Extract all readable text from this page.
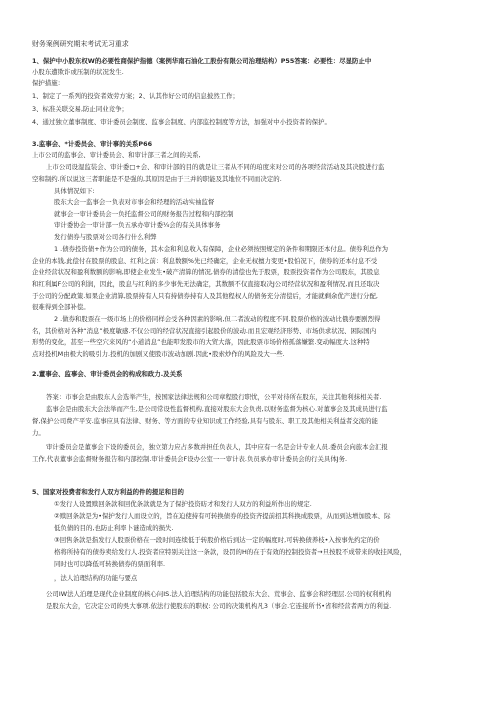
财务案例研究期末考试无习重求
1、保护中小股东权W的必要性商保护指德（案例华南石油化工股份有限公司治理结构）P55答案：必要性：尽显防止中
小股东遭欺诈或压制的状况发生.
保护措施：
1、制定了一系列的投资者效劳方案；2、认其作好公司的信息披然工作；
3、标准关联交易,防止同业竞争；
4、通过独立董事制度、审计委员会制度、监事会制度、内部监控制度等方法，加强对中小投资者的保护。
3.监事会、*计委员会、审计事的关系P66
上市公司的监事会、审计委员会、和审计部三者之间的关系,
上市公司设湿监装会、审计委□+会、和审计部的目的就是让三者从不同的珀度来对公司的各项经营活动及其决股进行监
空和制约.所以说这三者职能是不是强的,其原因是由于三并的职能及其地位不同而决定的.
具体情况如下:
股东大会一监事会一负表对市事会和经理的活动实袖监督
就事会一审计委员会一负托监督公司的财务报告过程和内部控制
审计委协会一审计部一负五承办审计委¼会的有关具体事务
发行债券与股票对公司各行什么利弊
1 .债券投资债+作为公司的债务，其木金和利息收入有保障，企业必须按照规定的条件和期限还本付息。债券利总作为
企业的本钱,此偿付在股票的股息、红利之前：利息数额%先已经确定，企业无权擅力变更•股怕况下，债券的还本付息不受
企业经营状况和盈利数额的影响,即使企业发生•破产清算的情况,债券的清偿也先于股票，股票投资者作为公司股东，其股息
和红利属F公司的利润，因此，股息与红利的多少事先无法确定，其数额不仅直接取决J公司经营状况和盈利情况,而且还取决
于公司的分配政策.如果企业清算,股票持有人只有持债券持有人及其他程权人的债务充分清偿后，才能就剩余优产进行分配,
很难得到全部补偿。
2 .做券和股票在一级市场上的价格同样会受各种因素的影响,但二者波动的程度不同.股票价格的波动比俄券要剧烈得
名，其价格对各种“消息”极度敏感.不仅公司的经营状况直接引起股价的波动.而且宏观经济形势、市场供求状况、困际国内
形势的变化，甚至一些空穴来风的“小道消息”也能叩发股市的大贸大落，因此股票市场价格孤落嫌繁.变动幅度大.这种特
点对投机M由极大的吸引力.投机的加剧又使股市波动加剧.因此•股索炒作的风险及大一些.
2.董事会、监事会、审计委员会的构成和政力.及关系
答案：市事会是由股东人会选举产生，按国家法律法规和公司章程股行职忧，公平对待所在股东，关注其他利抹相关者.
监事会是由股东大会法举而产生,是公司常设性监督机构,直接对股东大会负责,以财务监督为核心.对董事会及其成员进行监
督,保护公司费产平安.监事应具有法律、财务、等方面的专业知识或工作经验,具有与股东、职工及其他相关利益者交流的能
力。
审计委员会是董事会下设的委员会，独立第力应占多数并担任负表人，其中应有一名是会计专业人员.委员会向旅本会汇报
工作,代表董事会监督财务报告和内部控制.审计委员会F设办公室一一审计表.负员承办审计委员会的行关具体J务.
5、国家对投费者和发行人双方利益的件的提足和目的
①发行人设置赎回条款和回优条款就是为了保护投资昉才和发行人双方的利益所作出的规定.
②赎回条款是为•保护发行人而设立的，旨在迫使持有可转换债券的投资齐提前招其科换成股票，从而到达增加股本、际
低负债的目的,也防止利率卜谜造成的损失.
③回售条款是指发行人股票价格在一段时间连续低于转股价格后到达一定的幅度时,可转换债养枝•入按事先约定的价
格将所持有的债券卖给发行人.投资者应特别关注这一条款，设罚的H的在于有效的控制投资者→旦按股不成带来的收挂风险，
同时也可以降低可转换债券的票面利率.
，法人泊理结构的功能与要点
公司IW法人泊理是现代企业制度的核心问IS.法人泊理结构的功能包括股东大会、荒事会、监事会和经理层.公司的权利机构
是股东大会，它决定公司的吳大事项.依法行使股东的职权: 公司的决策机构凡3（事会.它连接所书•省和经营者两方的利益.
